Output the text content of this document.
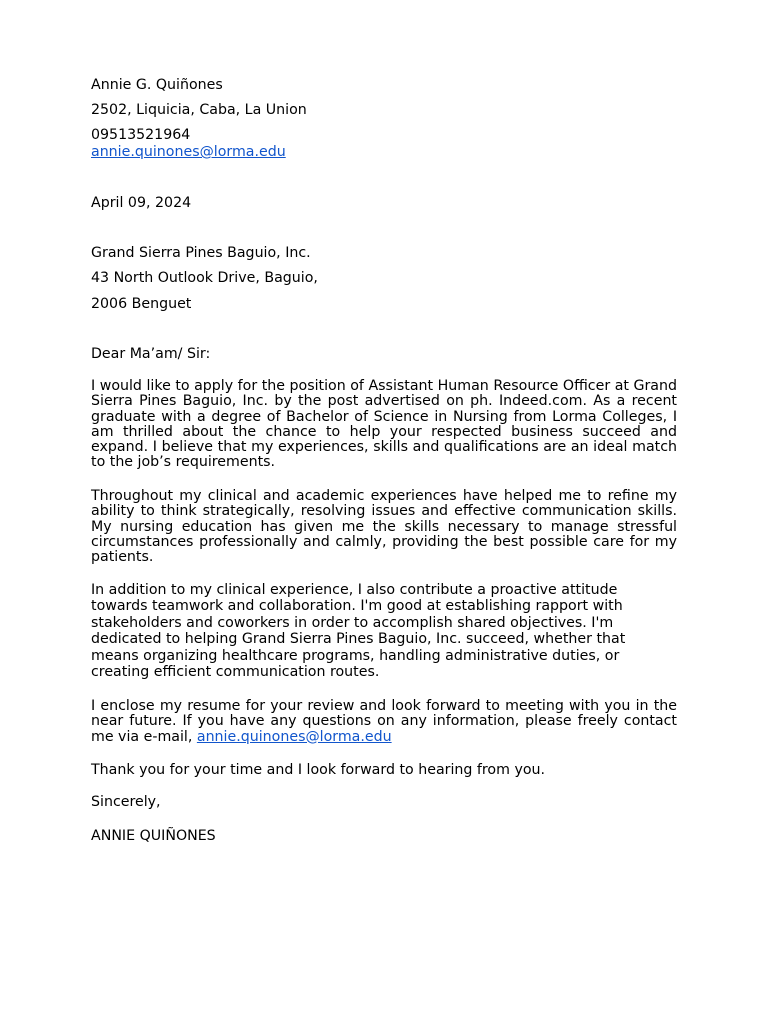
Annie G. Quiñones
2502, Liquicia, Caba, La Union
09513521964
annie.quinones@lorma.edu
April 09, 2024
Grand Sierra Pines Baguio, Inc.
43 North Outlook Drive, Baguio,
2006 Benguet
Dear Ma’am/ Sir:
I would like to apply for the position of Assistant Human Resource Officer at Grand Sierra Pines Baguio, Inc. by the post advertised on ph. Indeed.com. As a recent graduate with a degree of Bachelor of Science in Nursing from Lorma Colleges, I am thrilled about the chance to help your respected business succeed and expand. I believe that my experiences, skills and qualifications are an ideal match to the job’s requirements.
Throughout my clinical and academic experiences have helped me to refine my ability to think strategically, resolving issues and effective communication skills. My nursing education has given me the skills necessary to manage stressful circumstances professionally and calmly, providing the best possible care for my patients.
In addition to my clinical experience, I also contribute a proactive attitude towards teamwork and collaboration. I'm good at establishing rapport with stakeholders and coworkers in order to accomplish shared objectives. I'm dedicated to helping Grand Sierra Pines Baguio, Inc. succeed, whether that means organizing healthcare programs, handling administrative duties, or creating efficient communication routes.
I enclose my resume for your review and look forward to meeting with you in the near future. If you have any questions on any information, please freely contact me via e-mail, annie.quinones@lorma.edu
Thank you for your time and I look forward to hearing from you.
Sincerely,
ANNIE QUIÑONES
